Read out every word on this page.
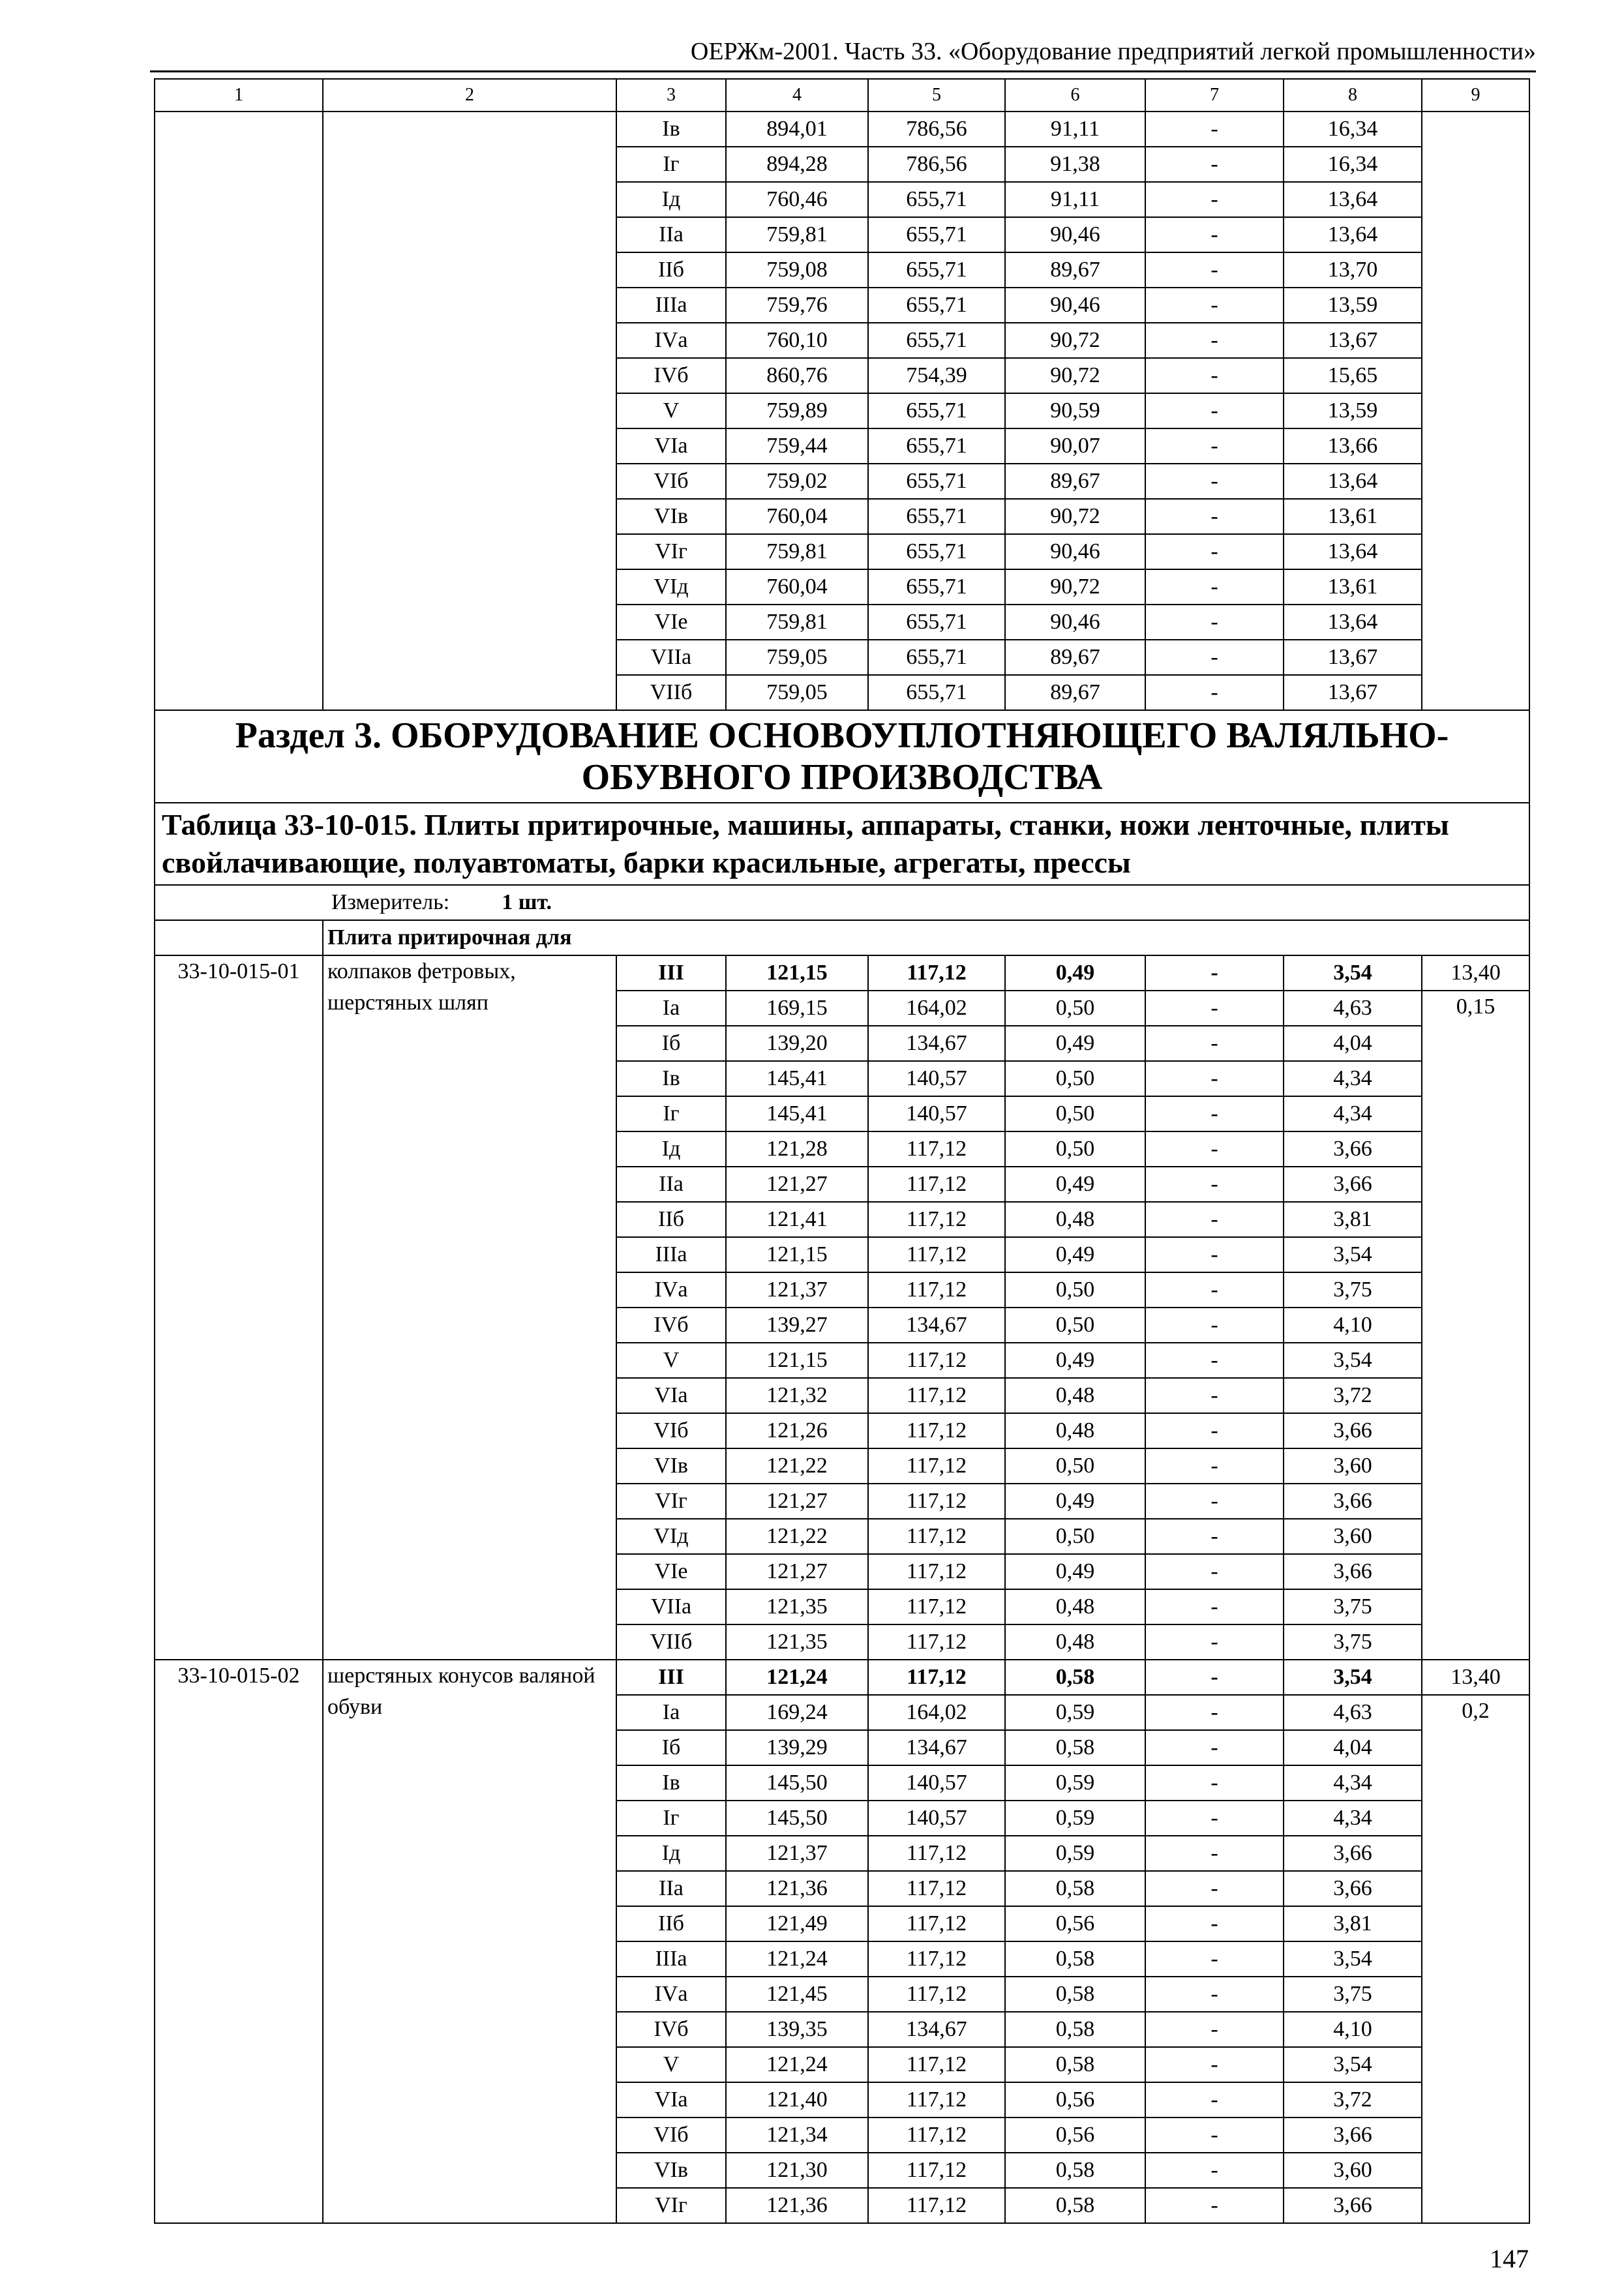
ОЕРЖм-2001. Часть 33. «Оборудование предприятий легкой промышленности»
1	2	3	4	5	6	7	8	9
		Iв	894,01	786,56	91,11	-	16,34	
		Iг	894,28	786,56	91,38	-	16,34	
		Iд	760,46	655,71	91,11	-	13,64	
		IIа	759,81	655,71	90,46	-	13,64	
		IIб	759,08	655,71	89,67	-	13,70	
		IIIа	759,76	655,71	90,46	-	13,59	
		IVа	760,10	655,71	90,72	-	13,67	
		IVб	860,76	754,39	90,72	-	15,65	
		V	759,89	655,71	90,59	-	13,59	
		VIа	759,44	655,71	90,07	-	13,66	
		VIб	759,02	655,71	89,67	-	13,64	
		VIв	760,04	655,71	90,72	-	13,61	
		VIг	759,81	655,71	90,46	-	13,64	
		VIд	760,04	655,71	90,72	-	13,61	
		VIе	759,81	655,71	90,46	-	13,64	
		VIIа	759,05	655,71	89,67	-	13,67	
		VIIб	759,05	655,71	89,67	-	13,67	
Раздел 3. ОБОРУДОВАНИЕ ОСНОВОУПЛОТНЯЮЩЕГО ВАЛЯЛЬНО-ОБУВНОГО ПРОИЗВОДСТВА								
Таблица 33-10-015. Плиты притирочные, машины, аппараты, станки, ножи ленточные, плиты свойлачивающие, полуавтоматы, барки красильные, агрегаты, прессы								
Измеритель: 1 шт.								
	Плита притирочная для							
33-10-015-01	колпаков фетровых, шерстяных шляп	III	121,15	117,12	0,49	-	3,54	13,40
		Iа	169,15	164,02	0,50	-	4,63	0,15
		Iб	139,20	134,67	0,49	-	4,04	
		Iв	145,41	140,57	0,50	-	4,34	
		Iг	145,41	140,57	0,50	-	4,34	
		Iд	121,28	117,12	0,50	-	3,66	
		IIа	121,27	117,12	0,49	-	3,66	
		IIб	121,41	117,12	0,48	-	3,81	
		IIIа	121,15	117,12	0,49	-	3,54	
		IVа	121,37	117,12	0,50	-	3,75	
		IVб	139,27	134,67	0,50	-	4,10	
		V	121,15	117,12	0,49	-	3,54	
		VIа	121,32	117,12	0,48	-	3,72	
		VIб	121,26	117,12	0,48	-	3,66	
		VIв	121,22	117,12	0,50	-	3,60	
		VIг	121,27	117,12	0,49	-	3,66	
		VIд	121,22	117,12	0,50	-	3,60	
		VIе	121,27	117,12	0,49	-	3,66	
		VIIа	121,35	117,12	0,48	-	3,75	
		VIIб	121,35	117,12	0,48	-	3,75	
33-10-015-02	шерстяных конусов валяной обуви	III	121,24	117,12	0,58	-	3,54	13,40
		Iа	169,24	164,02	0,59	-	4,63	0,2
		Iб	139,29	134,67	0,58	-	4,04	
		Iв	145,50	140,57	0,59	-	4,34	
		Iг	145,50	140,57	0,59	-	4,34	
		Iд	121,37	117,12	0,59	-	3,66	
		IIа	121,36	117,12	0,58	-	3,66	
		IIб	121,49	117,12	0,56	-	3,81	
		IIIа	121,24	117,12	0,58	-	3,54	
		IVа	121,45	117,12	0,58	-	3,75	
		IVб	139,35	134,67	0,58	-	4,10	
		V	121,24	117,12	0,58	-	3,54	
		VIа	121,40	117,12	0,56	-	3,72	
		VIб	121,34	117,12	0,56	-	3,66	
		VIв	121,30	117,12	0,58	-	3,60	
		VIг	121,36	117,12	0,58	-	3,66	
147
